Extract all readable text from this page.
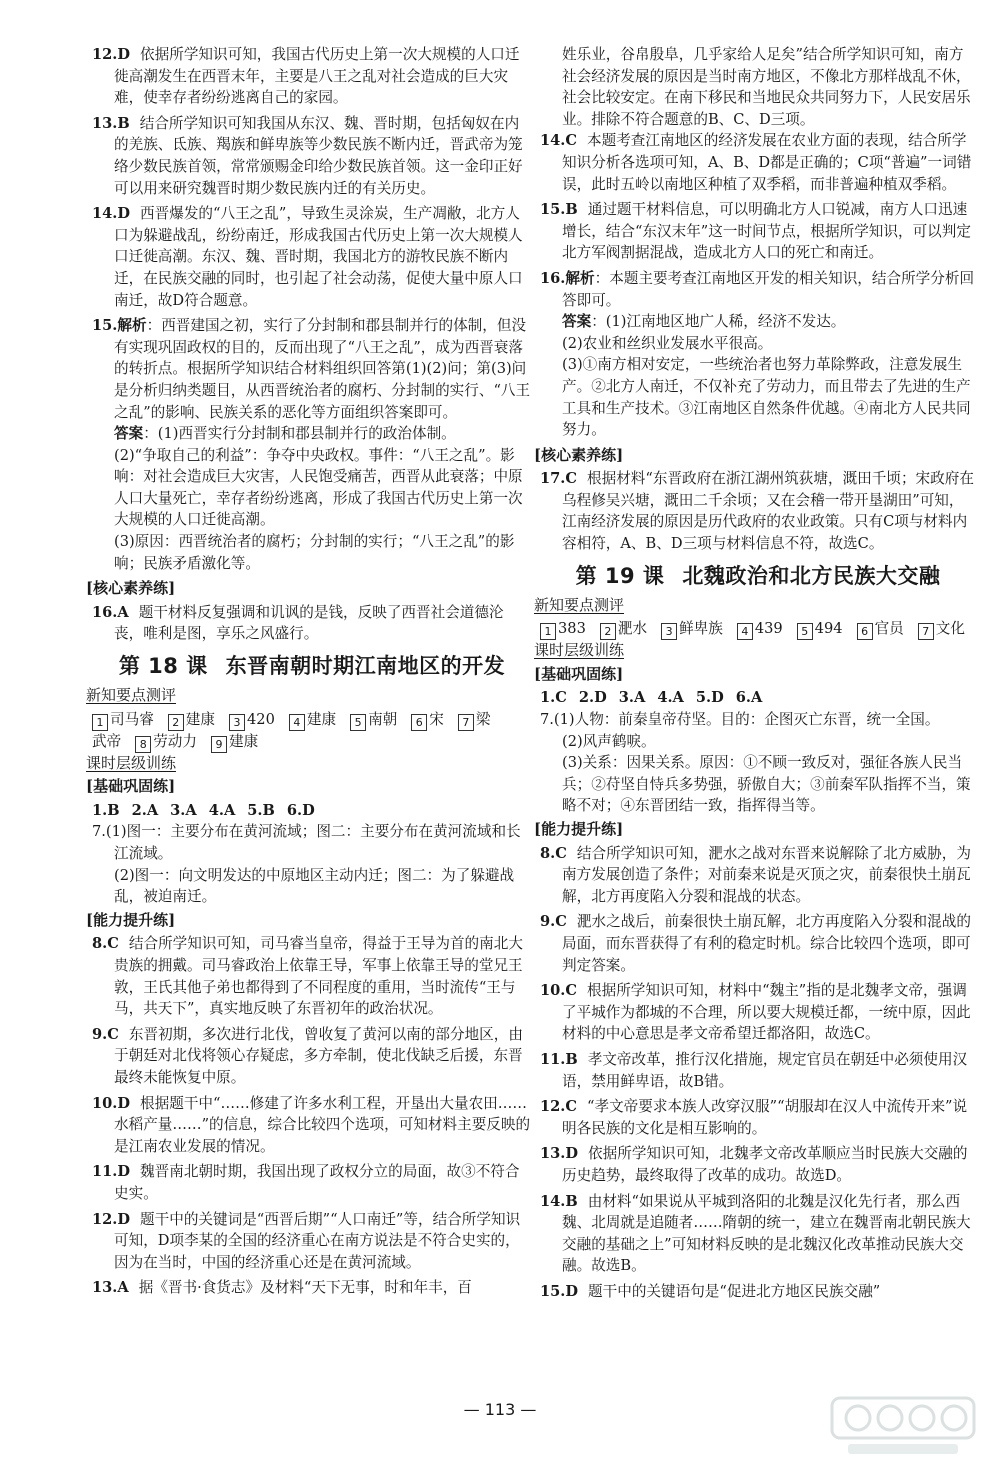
12.D 依据所学知识可知，我国古代历史上第一次大规模的人口迁徙高潮发生在西晋末年，主要是八王之乱对社会造成的巨大灾难，使幸存者纷纷逃离自己的家园。
13.B 结合所学知识可知我国从东汉、魏、晋时期，包括匈奴在内的羌族、氐族、羯族和鲜卑族等少数民族不断内迁，晋武帝为笼络少数民族首领，常常颁赐金印给少数民族首领。这一金印正好可以用来研究魏晋时期少数民族内迁的有关历史。
14.D 西晋爆发的“八王之乱”，导致生灵涂炭，生产凋敝，北方人口为躲避战乱，纷纷南迁，形成我国古代历史上第一次大规模人口迁徙高潮。东汉、魏、晋时期，我国北方的游牧民族不断内迁，在民族交融的同时，也引起了社会动荡，促使大量中原人口南迁，故D符合题意。
15.解析：西晋建国之初，实行了分封制和郡县制并行的体制，但没有实现巩固政权的目的，反而出现了“八王之乱”，成为西晋衰落的转折点。根据所学知识结合材料组织回答第(1)(2)问；第(3)问是分析归纳类题目，从西晋统治者的腐朽、分封制的实行、“八王之乱”的影响、民族关系的恶化等方面组织答案即可。
答案：(1)西晋实行分封制和郡县制并行的政治体制。
(2)“争取自己的利益”：争夺中央政权。事件：“八王之乱”。影响：对社会造成巨大灾害，人民饱受痛苦，西晋从此衰落；中原人口大量死亡，幸存者纷纷逃离，形成了我国古代历史上第一次大规模的人口迁徙高潮。
(3)原因：西晋统治者的腐朽；分封制的实行；“八王之乱”的影响；民族矛盾激化等。
[核心素养练]
16.A 题干材料反复强调和讥讽的是钱，反映了西晋社会道德沦丧，唯利是图，享乐之风盛行。
第 18 课 东晋南朝时期江南地区的开发
新知要点测评
1 司马睿	2 建康	3 420	4 建康	5 南朝	6 宋	7 梁
武帝	8 劳动力	9 建康
课时层级训练
[基础巩固练]
1.B 2.A 3.A 4.A 5.B 6.D
7.(1)图一：主要分布在黄河流域；图二：主要分布在黄河流域和长江流域。
(2)图一：向文明发达的中原地区主动内迁；图二：为了躲避战乱，被迫南迁。
[能力提升练]
8.C 结合所学知识可知，司马睿当皇帝，得益于王导为首的南北大贵族的拥戴。司马睿政治上依靠王导，军事上依靠王导的堂兄王敦，王氏其他子弟也都得到了不同程度的重用，当时流传“王与马，共天下”，真实地反映了东晋初年的政治状况。
9.C 东晋初期，多次进行北伐，曾收复了黄河以南的部分地区，由于朝廷对北伐将领心存疑虑，多方牵制，使北伐缺乏后援，东晋最终未能恢复中原。
10.D 根据题干中“……修建了许多水利工程，开垦出大量农田……水稻产量……”的信息，综合比较四个选项，可知材料主要反映的是江南农业发展的情况。
11.D 魏晋南北朝时期，我国出现了政权分立的局面，故③不符合史实。
12.D 题干中的关键词是“西晋后期”“人口南迁”等，结合所学知识可知，D项李某的全国的经济重心在南方说法是不符合史实的，因为在当时，中国的经济重心还是在黄河流域。
13.A 据《晋书·食货志》及材料“天下无事，时和年丰，百
姓乐业，谷帛殷阜，几乎家给人足矣”结合所学知识可知，南方社会经济发展的原因是当时南方地区，不像北方那样战乱不休，社会比较安定。在南下移民和当地民众共同努力下，人民安居乐业。排除不符合题意的B、C、D三项。
14.C 本题考查江南地区的经济发展在农业方面的表现，结合所学知识分析各选项可知，A、B、D都是正确的；C项“普遍”一词错误，此时五岭以南地区种植了双季稻，而非普遍种植双季稻。
15.B 通过题干材料信息，可以明确北方人口锐减，南方人口迅速增长，结合“东汉末年”这一时间节点，根据所学知识，可以判定北方军阀割据混战，造成北方人口的死亡和南迁。
16.解析：本题主要考查江南地区开发的相关知识，结合所学分析回答即可。
答案：(1)江南地区地广人稀，经济不发达。
(2)农业和丝织业发展水平很高。
(3)①南方相对安定，一些统治者也努力革除弊政，注意发展生产。②北方人南迁，不仅补充了劳动力，而且带去了先进的生产工具和生产技术。③江南地区自然条件优越。④南北方人民共同努力。
[核心素养练]
17.C 根据材料“东晋政府在浙江湖州筑荻塘，溉田千顷；宋政府在乌程修吴兴塘，溉田二千余顷；又在会稽一带开垦湖田”可知，江南经济发展的原因是历代政府的农业政策。只有C项与材料内容相符，A、B、D三项与材料信息不符，故选C。
第 19 课 北魏政治和北方民族大交融
新知要点测评
1 383	2 淝水	3 鲜卑族	4 439	5 494	6 官员	7 文化
课时层级训练
[基础巩固练]
1.C 2.D 3.A 4.A 5.D 6.A
7.(1)人物：前秦皇帝苻坚。目的：企图灭亡东晋，统一全国。
(2)风声鹤唳。
(3)关系：因果关系。原因：①不顾一致反对，强征各族人民当兵；②苻坚自恃兵多势强，骄傲自大；③前秦军队指挥不当，策略不对；④东晋团结一致，指挥得当等。
[能力提升练]
8.C 结合所学知识可知，淝水之战对东晋来说解除了北方威胁，为南方发展创造了条件；对前秦来说是灭顶之灾，前秦很快土崩瓦解，北方再度陷入分裂和混战的状态。
9.C 淝水之战后，前秦很快土崩瓦解，北方再度陷入分裂和混战的局面，而东晋获得了有利的稳定时机。综合比较四个选项，即可判定答案。
10.C 根据所学知识可知，材料中“魏主”指的是北魏孝文帝，强调了平城作为都城的不合理，所以要大规模迁都，一统中原，因此材料的中心意思是孝文帝希望迁都洛阳，故选C。
11.B 孝文帝改革，推行汉化措施，规定官员在朝廷中必须使用汉语，禁用鲜卑语，故B错。
12.C “孝文帝要求本族人改穿汉服”“胡服却在汉人中流传开来”说明各民族的文化是相互影响的。
13.D 依据所学知识可知，北魏孝文帝改革顺应当时民族大交融的历史趋势，最终取得了改革的成功。故选D。
14.B 由材料“如果说从平城到洛阳的北魏是汉化先行者，那么西魏、北周就是追随者……隋朝的统一，建立在魏晋南北朝民族大交融的基础之上”可知材料反映的是北魏汉化改革推动民族大交融。故选B。
15.D 题干中的关键语句是“促进北方地区民族交融”
— 113 —
